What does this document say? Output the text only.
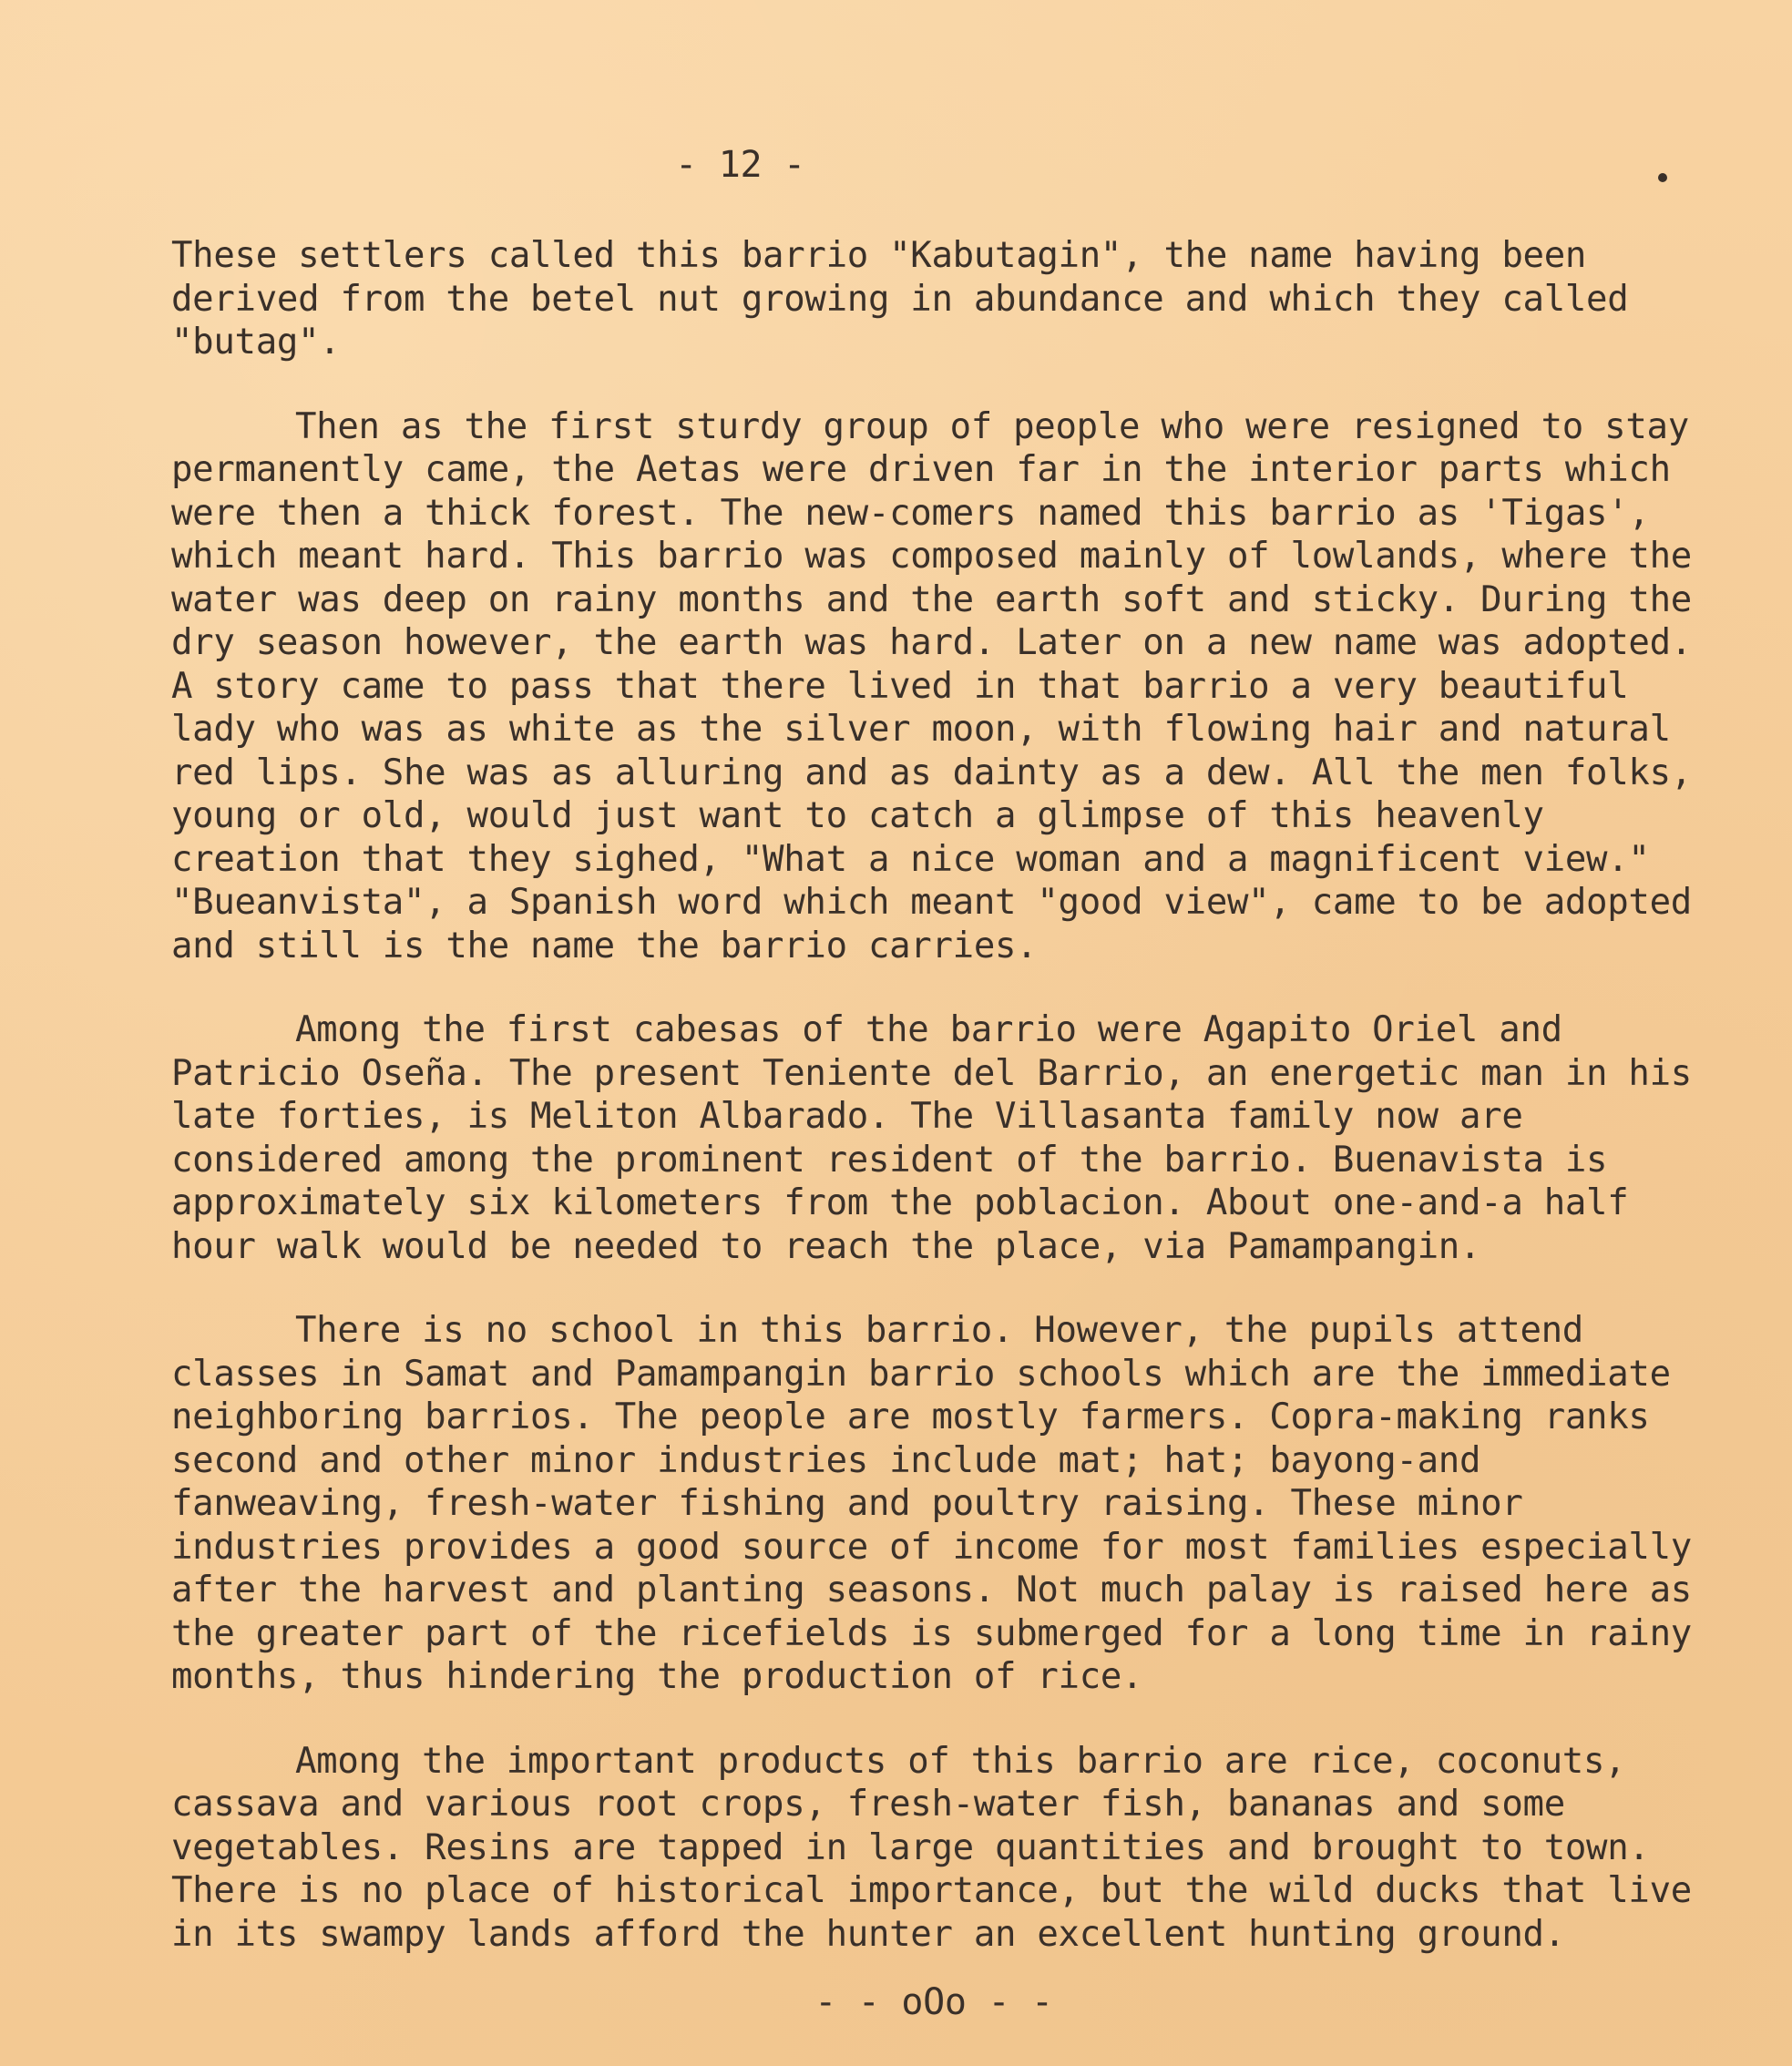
- 12 -

These settlers called this barrio "Kabutagin", the name having been derived from the betel nut growing in abundance and which they called "butag".

Then as the first sturdy group of people who were resigned to stay permanently came, the Aetas were driven far in the interior parts which were then a thick forest. The new-comers named this barrio as 'Tigas', which meant hard. This barrio was composed mainly of lowlands, where the water was deep on rainy months and the earth soft and sticky. During the dry season however, the earth was hard. Later on a new name was adopted. A story came to pass that there lived in that barrio a very beautiful lady who was as white as the silver moon, with flowing hair and natural red lips. She was as alluring and as dainty as a dew. All the men folks, young or old, would just want to catch a glimpse of this heavenly creation that they sighed, "What a nice woman and a magnificent view." "Bueanvista", a Spanish word which meant "good view", came to be adopted and still is the name the barrio carries.

Among the first cabesas of the barrio were Agapito Oriel and Patricio Oseña. The present Teniente del Barrio, an energetic man in his late forties, is Meliton Albarado. The Villasanta family now are considered among the prominent resident of the barrio. Buenavista is approximately six kilometers from the poblacion. About one-and-a half hour walk would be needed to reach the place, via Pamampangin.

There is no school in this barrio. However, the pupils attend classes in Samat and Pamampangin barrio schools which are the immediate neighboring barrios. The people are mostly farmers. Copra-making ranks second and other minor industries include mat; hat; bayong-and fanweaving, fresh-water fishing and poultry raising. These minor industries provides a good source of income for most families especially after the harvest and planting seasons. Not much palay is raised here as the greater part of the ricefields is submerged for a long time in rainy months, thus hindering the production of rice.

Among the important products of this barrio are rice, coconuts, cassava and various root crops, fresh-water fish, bananas and some vegetables. Resins are tapped in large quantities and brought to town. There is no place of historical importance, but the wild ducks that live in its swampy lands afford the hunter an excellent hunting ground.

- - oOo - -
